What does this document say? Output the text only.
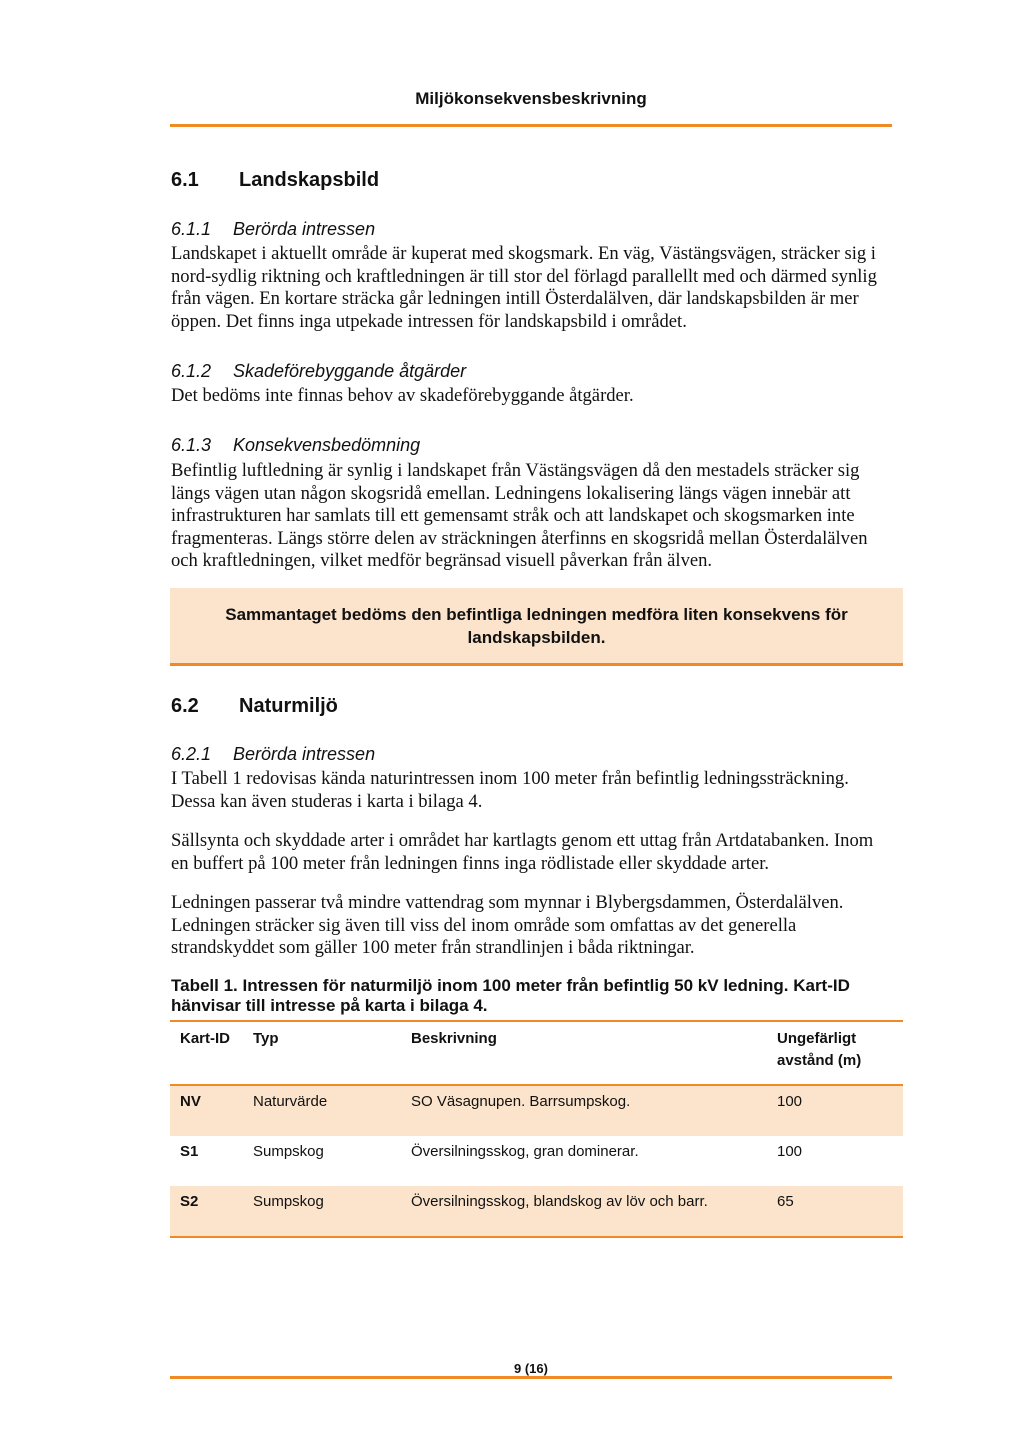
Miljökonsekvensbeskrivning
6.1 Landskapsbild
6.1.1 Berörda intressen
Landskapet i aktuellt område är kuperat med skogsmark. En väg, Västängsvägen, sträcker sig i nord-sydlig riktning och kraftledningen är till stor del förlagd parallellt med och därmed synlig från vägen. En kortare sträcka går ledningen intill Österdalälven, där landskapsbilden är mer öppen. Det finns inga utpekade intressen för landskapsbild i området.
6.1.2 Skadeförebyggande åtgärder
Det bedöms inte finnas behov av skadeförebyggande åtgärder.
6.1.3 Konsekvensbedömning
Befintlig luftledning är synlig i landskapet från Västängsvägen då den mestadels sträcker sig längs vägen utan någon skogsridå emellan. Ledningens lokalisering längs vägen innebär att infrastrukturen har samlats till ett gemensamt stråk och att landskapet och skogsmarken inte fragmenteras. Längs större delen av sträckningen återfinns en skogsridå mellan Österdalälven och kraftledningen, vilket medför begränsad visuell påverkan från älven.
Sammantaget bedöms den befintliga ledningen medföra liten konsekvens för landskapsbilden.
6.2 Naturmiljö
6.2.1 Berörda intressen
I Tabell 1 redovisas kända naturintressen inom 100 meter från befintlig ledningssträckning. Dessa kan även studeras i karta i bilaga 4.
Sällsynta och skyddade arter i området har kartlagts genom ett uttag från Artdatabanken. Inom en buffert på 100 meter från ledningen finns inga rödlistade eller skyddade arter.
Ledningen passerar två mindre vattendrag som mynnar i Blybergsdammen, Österdalälven. Ledningen sträcker sig även till viss del inom område som omfattas av det generella strandskyddet som gäller 100 meter från strandlinjen i båda riktningar.
Tabell 1. Intressen för naturmiljö inom 100 meter från befintlig 50 kV ledning. Kart-ID hänvisar till intresse på karta i bilaga 4.
Kart-ID	Typ	Beskrivning	Ungefärligt avstånd (m)
NV	Naturvärde	SO Väsagnupen. Barrsumpskog.	100
S1	Sumpskog	Översilningsskog, gran dominerar.	100
S2	Sumpskog	Översilningsskog, blandskog av löv och barr.	65
9 (16)
